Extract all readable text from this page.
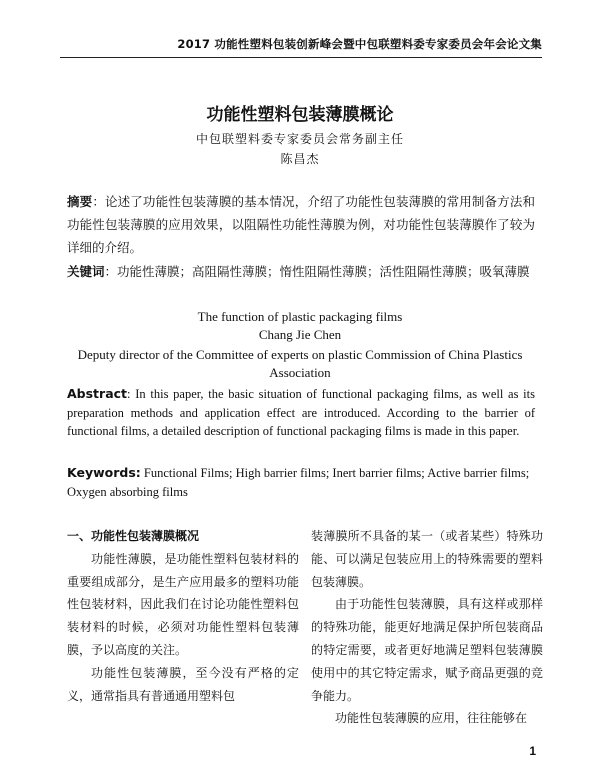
2017 功能性塑料包装创新峰会暨中包联塑料委专家委员会年会论文集
功能性塑料包装薄膜概论
中包联塑料委专家委员会常务副主任
陈昌杰
摘要：论述了功能性包装薄膜的基本情况，介绍了功能性包装薄膜的常用制备方法和功能性包装薄膜的应用效果，以阻隔性功能性薄膜为例，对功能性包装薄膜作了较为详细的介绍。
关键词：功能性薄膜；高阻隔性薄膜；惰性阻隔性薄膜；活性阻隔性薄膜；吸氧薄膜
The function of plastic packaging films
Chang Jie Chen
Deputy director of the Committee of experts on plastic Commission of China Plastics Association
Abstract: In this paper, the basic situation of functional packaging films, as well as its preparation methods and application effect are introduced. According to the barrier of functional films, a detailed description of functional packaging films is made in this paper.
Keywords: Functional Films; High barrier films; Inert barrier films; Active barrier films; Oxygen absorbing films

一、功能性包装薄膜概况

功能性薄膜，是功能性塑料包装材料的重要组成部分，是生产应用最多的塑料功能性包装材料，因此我们在讨论功能性塑料包装材料的时候，必须对功能性塑料包装薄膜，予以高度的关注。

功能性包装薄膜，至今没有严格的定义，通常指具有普通通用塑料包

装薄膜所不具备的某一（或者某些）特殊功能、可以满足包装应用上的特殊需要的塑料包装薄膜。

由于功能性包装薄膜，具有这样或那样的特殊功能，能更好地满足保护所包装商品的特定需要，或者更好地满足塑料包装薄膜使用中的其它特定需求，赋予商品更强的竞争能力。

功能性包装薄膜的应用，往往能够在

1
